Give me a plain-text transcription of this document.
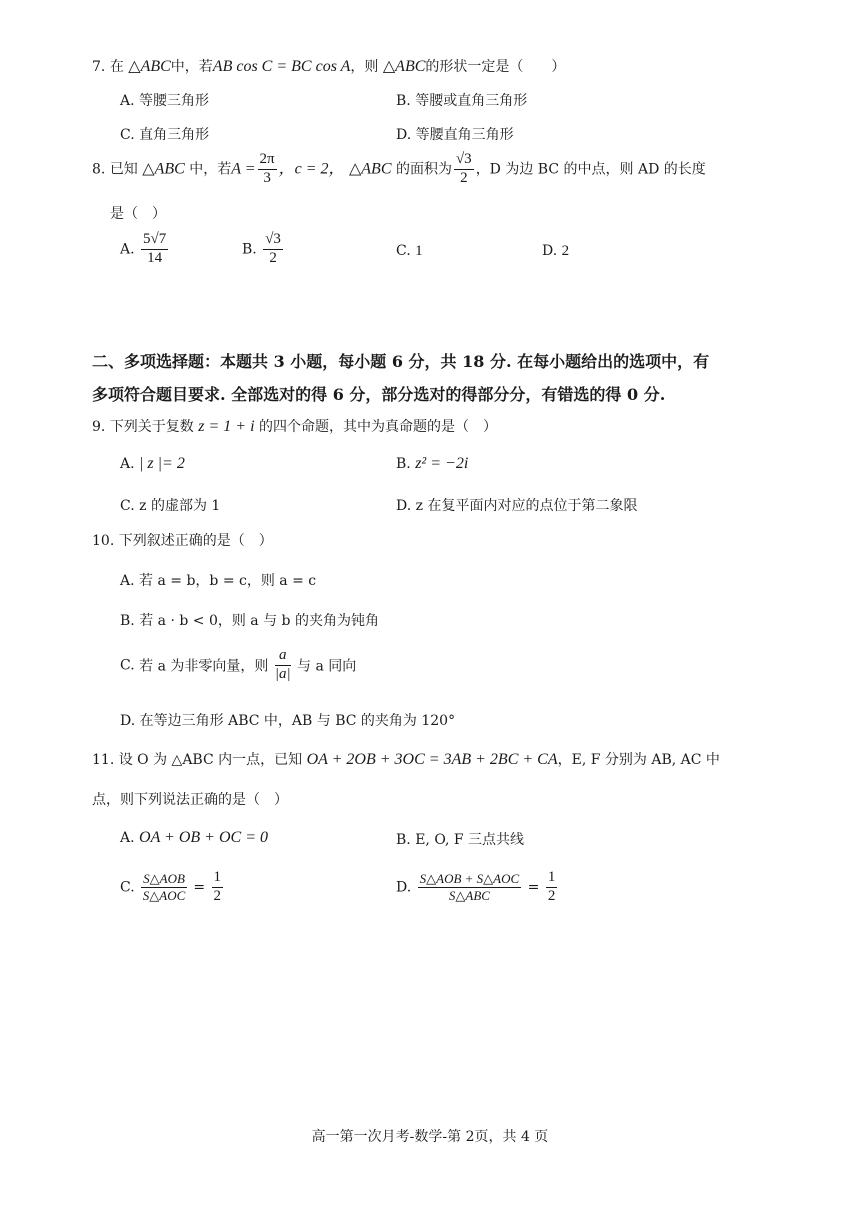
7. 在 △ABC中，若AB cos C = BC cos A，则 △ABC的形状一定是（　　）
A. 等腰三角形	B. 等腰或直角三角形
C. 直角三角形	D. 等腰直角三角形
8. 已知 △ABC 中，若$A = \frac{2\pi}{3}$ ，c = 2， △ABC 的面积为 $\frac{√3}{2}$ ，D 为边 BC 的中点，则 AD 的长度
是（　）
A. $\frac{5√7}{14}$	B. $\frac{√3}{2}$	C. 1	D. 2
二、多项选择题：本题共 3 小题，每小题 6 分，共 18 分. 在每小题给出的选项中，有
多项符合题目要求. 全部选对的得 6 分，部分选对的得部分分，有错选的得 0 分.
9. 下列关于复数 z = 1 + i 的四个命题，其中为真命题的是（　）
A. | z |= 2	B. z² = −2i
C. z 的虚部为 1	D. z 在复平面内对应的点位于第二象限
10. 下列叙述正确的是（　）
A. 若 a = b，b = c，则 a = c
B. 若 a · b < 0，则 a 与 b 的夹角为钝角
C. 若 a 为非零向量，则 $\frac{a}{|a|}$ 与 a 同向
D. 在等边三角形 ABC 中，AB 与 BC 的夹角为 120°
11. 设 O 为 △ABC 内一点，已知 OA + 2OB + 3OC = 3AB + 2BC + CA，E, F 分别为 AB, AC 中
点，则下列说法正确的是（　）
A. OA + OB + OC = 0	B. E, O, F 三点共线
C. $\frac{\text{S△AOB}}{\text{S△AOC}} = \frac{1}{2}$	D. $\frac{\text{S△AOB + S△AOC}}{\text{S△ABC}} = \frac{1}{2}$
高一第一次月考-数学-第 2页，共 4 页
